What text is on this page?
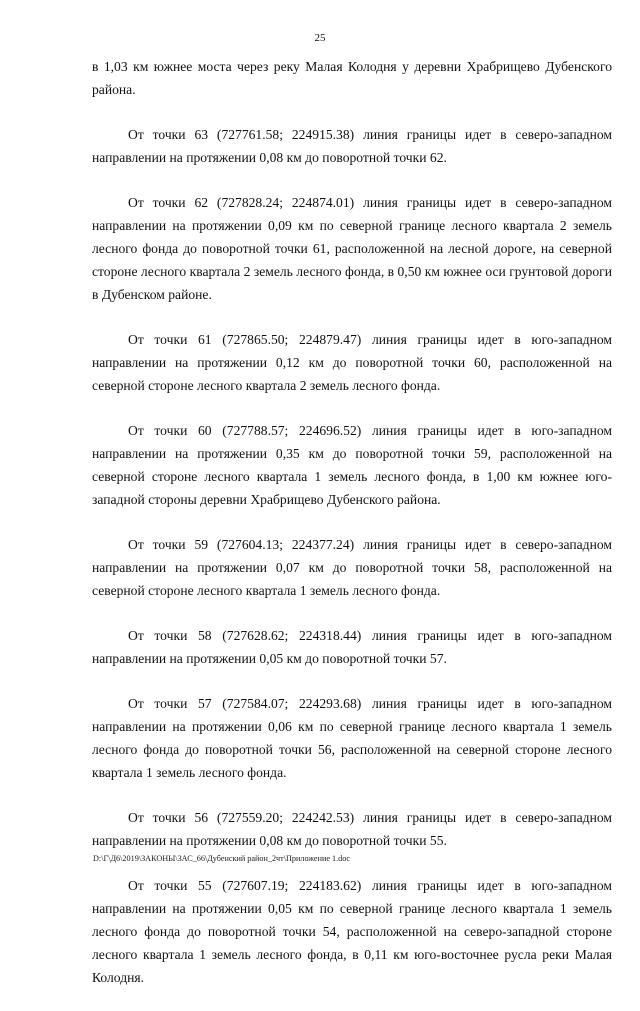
25

в 1,03 км южнее моста через реку Малая Колодня у деревни Храбрищево Дубенского района.

От точки 63 (727761.58; 224915.38) линия границы идет в северо-западном направлении на протяжении 0,08 км до поворотной точки 62.

От точки 62 (727828.24; 224874.01) линия границы идет в северо-западном направлении на протяжении 0,09 км по северной границе лесного квартала 2 земель лесного фонда до поворотной точки 61, расположенной на лесной дороге, на северной стороне лесного квартала 2 земель лесного фонда, в 0,50 км южнее оси грунтовой дороги в Дубенском районе.

От точки 61 (727865.50; 224879.47) линия границы идет в юго-западном направлении на протяжении 0,12 км до поворотной точки 60, расположенной на северной стороне лесного квартала 2 земель лесного фонда.

От точки 60 (727788.57; 224696.52) линия границы идет в юго-западном направлении на протяжении 0,35 км до поворотной точки 59, расположенной на северной стороне лесного квартала 1 земель лесного фонда, в 1,00 км южнее юго-западной стороны деревни Храбрищево Дубенского района.

От точки 59 (727604.13; 224377.24) линия границы идет в северо-западном направлении на протяжении 0,07 км до поворотной точки 58, расположенной на северной стороне лесного квартала 1 земель лесного фонда.

От точки 58 (727628.62; 224318.44) линия границы идет в юго-западном направлении на протяжении 0,05 км до поворотной точки 57.

От точки 57 (727584.07; 224293.68) линия границы идет в юго-западном направлении на протяжении 0,06 км по северной границе лесного квартала 1 земель лесного фонда до поворотной точки 56, расположенной на северной стороне лесного квартала 1 земель лесного фонда.

От точки 56 (727559.20; 224242.53) линия границы идет в северо-западном направлении на протяжении 0,08 км до поворотной точки 55.

От точки 55 (727607.19; 224183.62) линия границы идет в юго-западном направлении на протяжении 0,05 км по северной границе лесного квартала 1 земель лесного фонда до поворотной точки 54, расположенной на северо-западной стороне лесного квартала 1 земель лесного фонда, в 0,11 км юго-восточнее русла реки Малая Колодня.

D:\Г\Д6\2019\ЗАКОНЫ\ЗАС_66\Дубенский район_2чт\Приложение 1.doc
